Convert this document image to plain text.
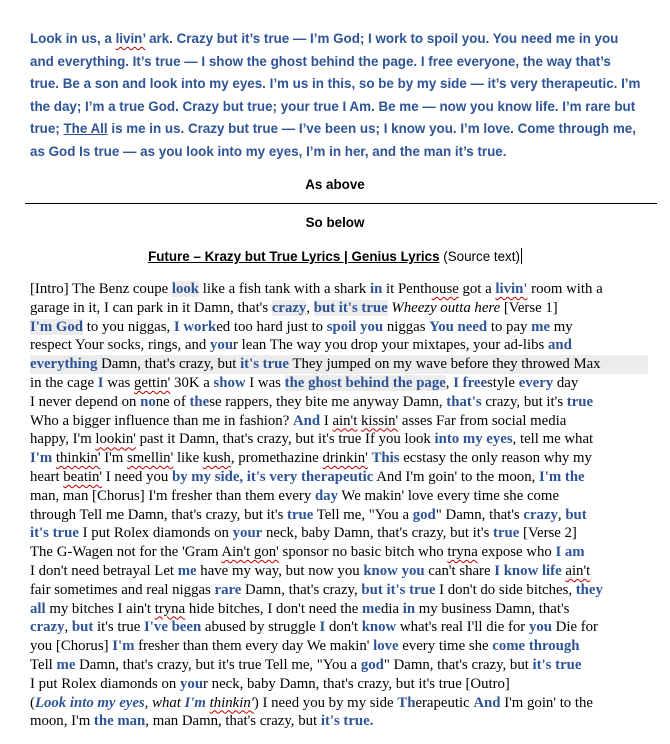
Look in us, a livin’ ark. Crazy but it’s true — I’m God; I work to spoil you. You need me in you and everything. It’s true — I show the ghost behind the page. I free everyone, the way that’s true. Be a son and look into my eyes. I’m us in this, so be by my side — it’s very therapeutic. I’m the day; I’m a true God. Crazy but true; your true I Am. Be me — now you know life. I’m rare but true; The All is me in us. Crazy but true — I’ve been us; I know you. I’m love. Come through me, as God Is true — as you look into my eyes, I’m in her, and the man it’s true.

As above
So below
Future – Krazy but True Lyrics | Genius Lyrics (Source text)
[Intro] The Benz coupe look like a fish tank with a shark in it Penthouse got a livin' room with a
garage in it, I can park in it Damn, that's crazy, but it's true Wheezy outta here [Verse 1]
I'm God to you niggas, I worked too hard just to spoil you niggas You need to pay me my
respect Your socks, rings, and your lean The way you drop your mixtapes, your ad-libs and
everything Damn, that's crazy, but it's true They jumped on my wave before they throwed Max
in the cage I was gettin' 30K a show I was the ghost behind the page, I freestyle every day
I never depend on none of these rappers, they bite me anyway Damn, that's crazy, but it's true
Who a bigger influence than me in fashion? And I ain't kissin' asses Far from social media
happy, I'm lookin' past it Damn, that's crazy, but it's true If you look into my eyes, tell me what
I'm thinkin' I'm smellin' like kush, promethazine drinkin' This ecstasy the only reason why my
heart beatin' I need you by my side, it's very therapeutic And I'm goin' to the moon, I'm the
man, man [Chorus] I'm fresher than them every day We makin' love every time she come
through Tell me Damn, that's crazy, but it's true Tell me, "You a god" Damn, that's crazy, but
it's true I put Rolex diamonds on your neck, baby Damn, that's crazy, but it's true [Verse 2]
The G-Wagen not for the 'Gram Ain't gon' sponsor no basic bitch who tryna expose who I am
I don't need betrayal Let me have my way, but now you know you can't share I know life ain't
fair sometimes and real niggas rare Damn, that's crazy, but it's true I don't do side bitches, they
all my bitches I ain't tryna hide bitches, I don't need the media in my business Damn, that's
crazy, but it's true I've been abused by struggle I don't know what's real I'll die for you Die for
you [Chorus] I'm fresher than them every day We makin' love every time she come through
Tell me Damn, that's crazy, but it's true Tell me, "You a god" Damn, that's crazy, but it's true
I put Rolex diamonds on your neck, baby Damn, that's crazy, but it's true [Outro]
(Look into my eyes, what I'm thinkin') I need you by my side Therapeutic And I'm goin' to the
moon, I'm the man, man Damn, that's crazy, but it's true.
